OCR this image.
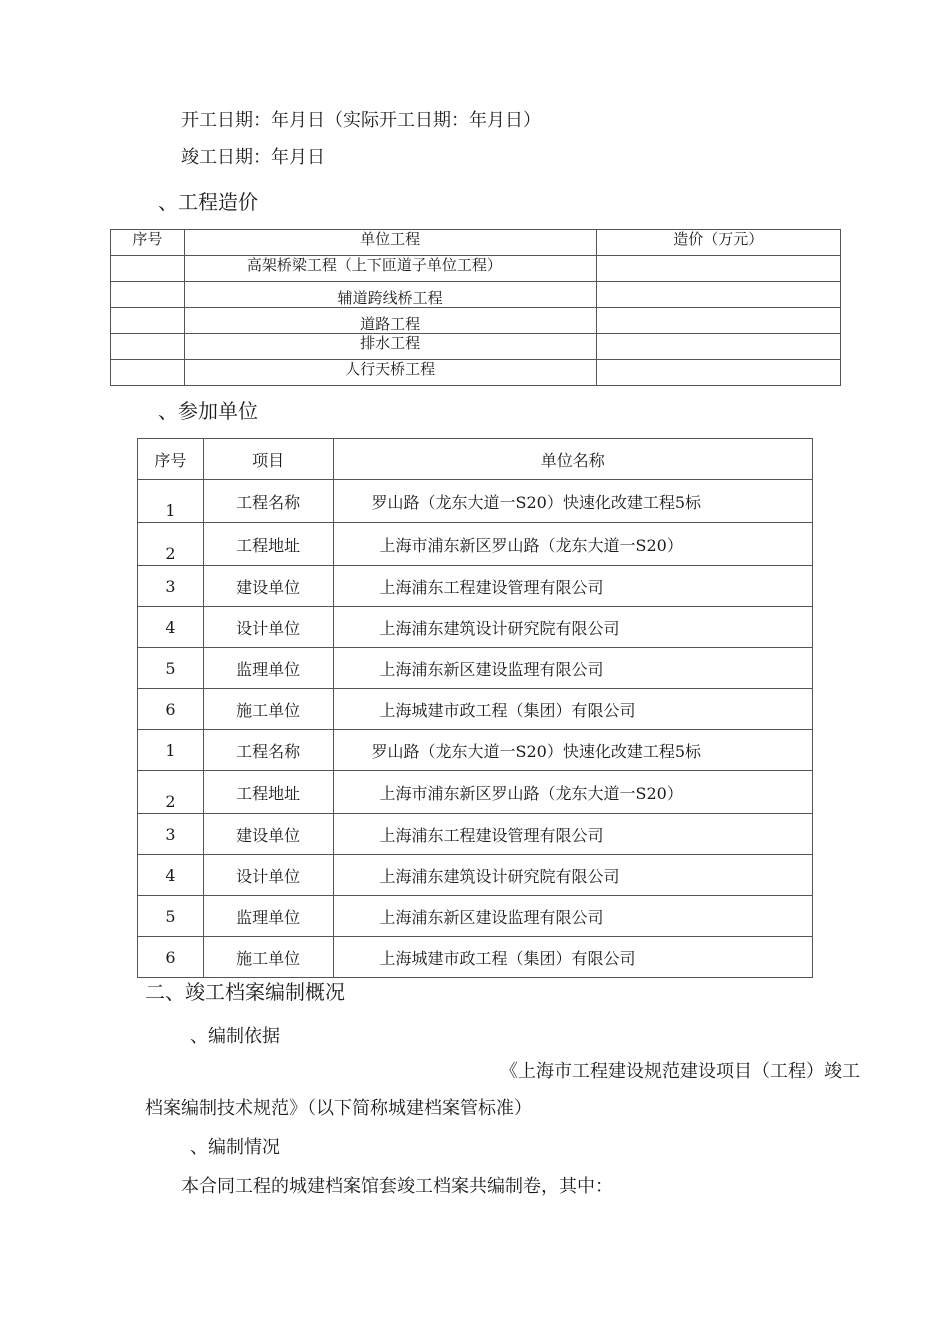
开工日期：年月日（实际开工日期：年月日）
竣工日期：年月日
、工程造价
序号	单位工程	造价（万元）
	高架桥梁工程（上下匝道子单位工程）	
	辅道跨线桥工程	
	道路工程	
	排水工程	
	人行天桥工程	
、参加单位
序号	项目	单位名称
1	工程名称	罗山路（龙东大道一S20）快速化改建工程5标
2	工程地址	上海市浦东新区罗山路（龙东大道一S20）
3	建设单位	上海浦东工程建设管理有限公司
4	设计单位	上海浦东建筑设计研究院有限公司
5	监理单位	上海浦东新区建设监理有限公司
6	施工单位	上海城建市政工程（集团）有限公司
1	工程名称	罗山路（龙东大道一S20）快速化改建工程5标
2	工程地址	上海市浦东新区罗山路（龙东大道一S20）
3	建设单位	上海浦东工程建设管理有限公司
4	设计单位	上海浦东建筑设计研究院有限公司
5	监理单位	上海浦东新区建设监理有限公司
6	施工单位	上海城建市政工程（集团）有限公司
二、竣工档案编制概况
、编制依据
《上海市工程建设规范建设项目（工程）竣工
档案编制技术规范》（以下简称城建档案管标准）
、编制情况
本合同工程的城建档案馆套竣工档案共编制卷，其中：
